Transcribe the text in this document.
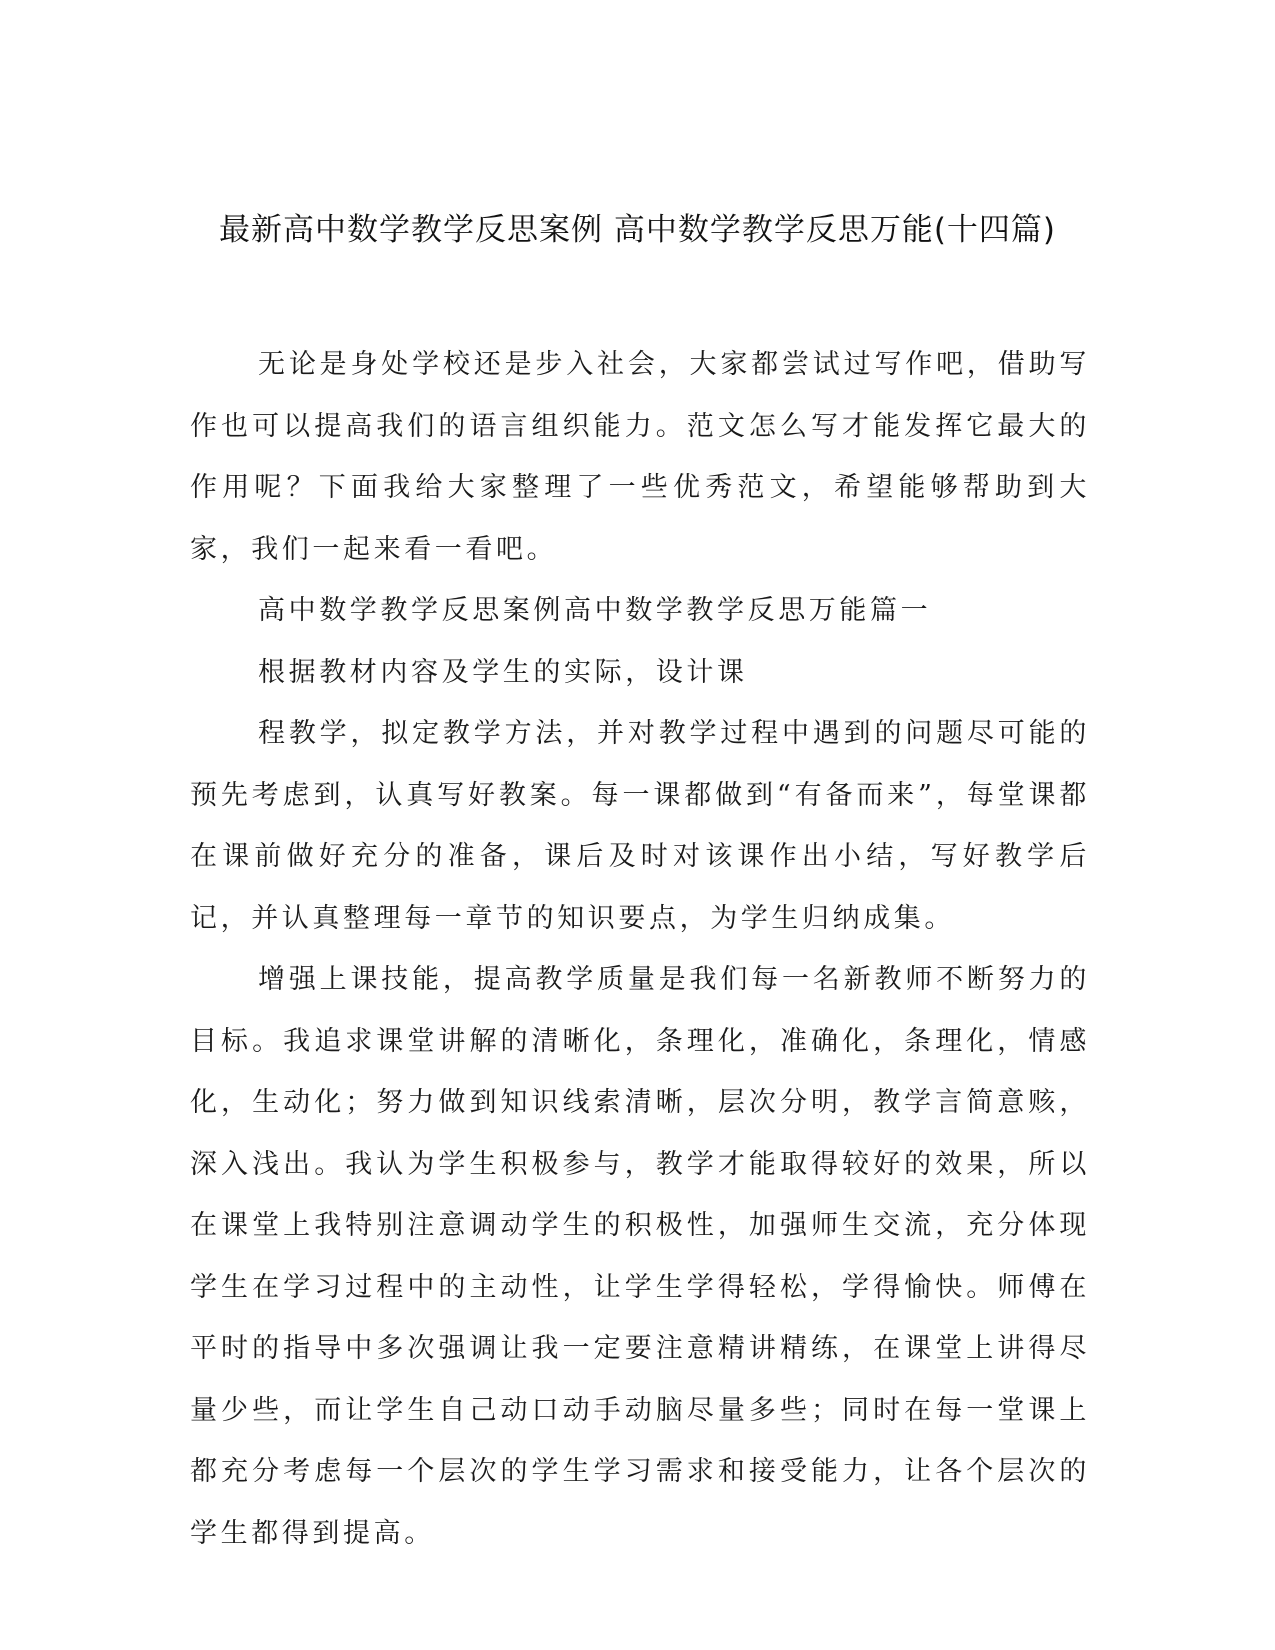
最新高中数学教学反思案例 高中数学教学反思万能(十四篇)

无论是身处学校还是步入社会，大家都尝试过写作吧，借助写作也可以提高我们的语言组织能力。范文怎么写才能发挥它最大的作用呢？下面我给大家整理了一些优秀范文，希望能够帮助到大家，我们一起来看一看吧。

高中数学教学反思案例高中数学教学反思万能篇一

根据教材内容及学生的实际，设计课

程教学，拟定教学方法，并对教学过程中遇到的问题尽可能的预先考虑到，认真写好教案。每一课都做到“有备而来”，每堂课都在课前做好充分的准备，课后及时对该课作出小结，写好教学后记，并认真整理每一章节的知识要点，为学生归纳成集。

增强上课技能，提高教学质量是我们每一名新教师不断努力的目标。我追求课堂讲解的清晰化，条理化，准确化，条理化，情感化，生动化；努力做到知识线索清晰，层次分明，教学言简意赅，深入浅出。我认为学生积极参与，教学才能取得较好的效果，所以在课堂上我特别注意调动学生的积极性，加强师生交流，充分体现学生在学习过程中的主动性，让学生学得轻松，学得愉快。师傅在平时的指导中多次强调让我一定要注意精讲精练，在课堂上讲得尽量少些，而让学生自己动口动手动脑尽量多些；同时在每一堂课上都充分考虑每一个层次的学生学习需求和接受能力，让各个层次的学生都得到提高。
